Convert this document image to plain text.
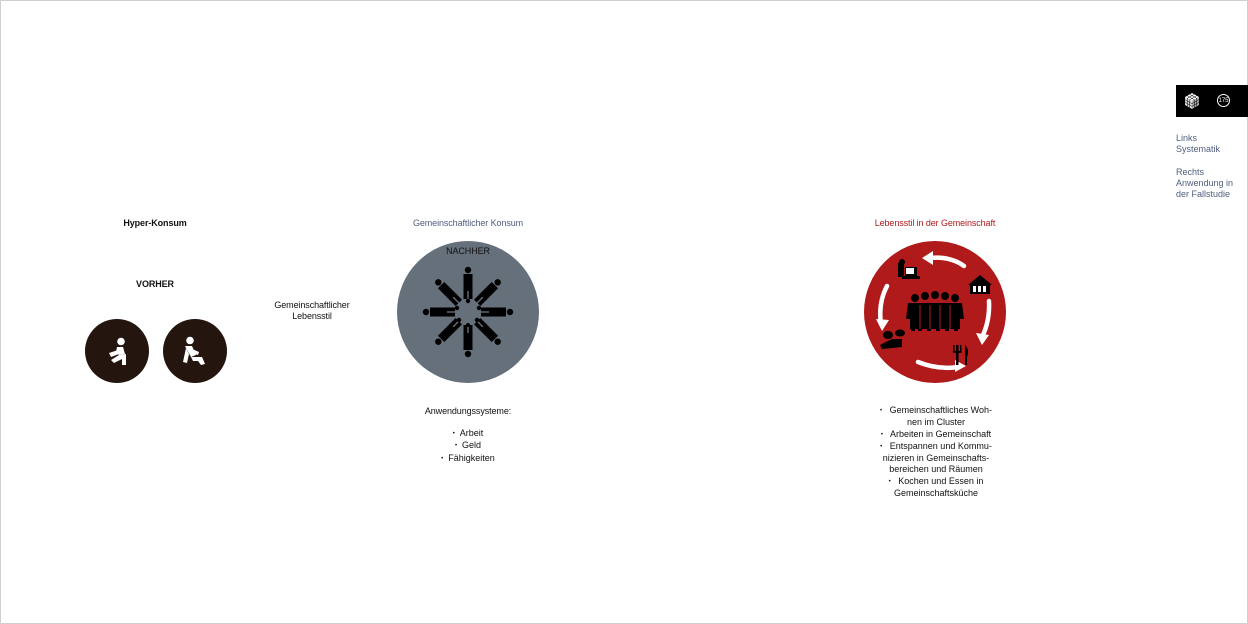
175
Links
Systematik
Rechts
Anwendung in
der Fallstudie
Hyper-Konsum
VORHER
Gemeinschaftlicher
Lebensstil
Gemeinschaftlicher Konsum
NACHHER
Anwendungssysteme:
• Arbeit
• Geld
• Fähigkeiten
Lebensstil in der Gemeinschaft
• Gemeinschaftliches Woh-
nen im Cluster
• Arbeiten in Gemeinschaft
• Entspannen und Kommu-
nizieren in Gemeinschafts-
bereichen und Räumen
• Kochen und Essen in
Gemeinschaftsküche
